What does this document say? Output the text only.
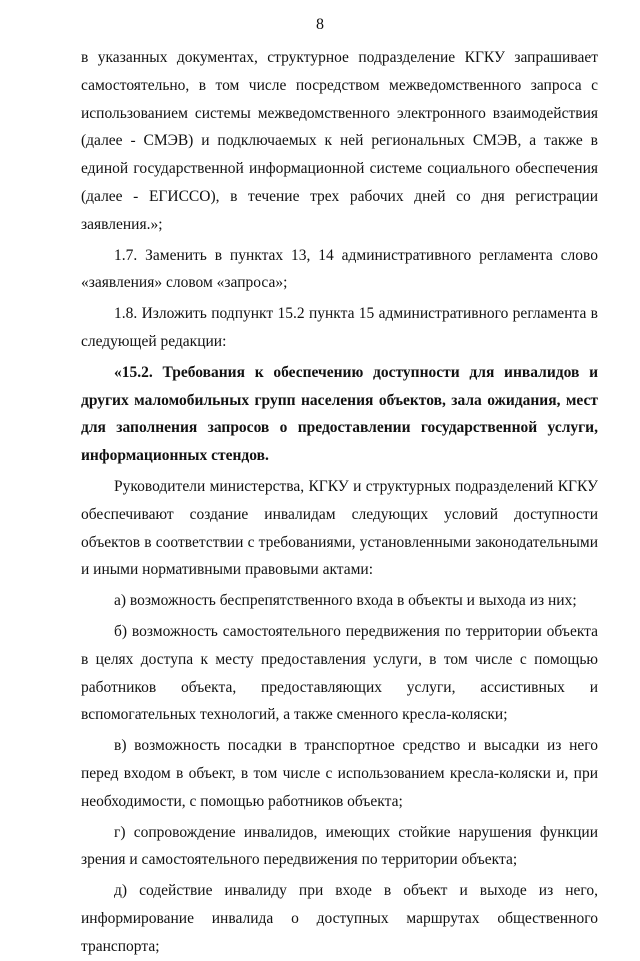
8

в указанных документах, структурное подразделение КГКУ запрашивает самостоятельно, в том числе посредством межведомственного запроса с использованием системы межведомственного электронного взаимодействия (далее - СМЭВ) и подключаемых к ней региональных СМЭВ, а также в единой государственной информационной системе социального обеспечения (далее - ЕГИССО), в течение трех рабочих дней со дня регистрации заявления.»;

1.7. Заменить в пунктах 13, 14 административного регламента слово «заявления» словом «запроса»;

1.8. Изложить подпункт 15.2 пункта 15 административного регламента в следующей редакции:

«15.2. Требования к обеспечению доступности для инвалидов и других маломобильных групп населения объектов, зала ожидания, мест для заполнения запросов о предоставлении государственной услуги, информационных стендов.

Руководители министерства, КГКУ и структурных подразделений КГКУ обеспечивают создание инвалидам следующих условий доступности объектов в соответствии с требованиями, установленными законодательными и иными нормативными правовыми актами:

а) возможность беспрепятственного входа в объекты и выхода из них;

б) возможность самостоятельного передвижения по территории объекта в целях доступа к месту предоставления услуги, в том числе с помощью работников объекта, предоставляющих услуги, ассистивных и вспомогательных технологий, а также сменного кресла-коляски;

в) возможность посадки в транспортное средство и высадки из него перед входом в объект, в том числе с использованием кресла-коляски и, при необходимости, с помощью работников объекта;

г) сопровождение инвалидов, имеющих стойкие нарушения функции зрения и самостоятельного передвижения по территории объекта;

д) содействие инвалиду при входе в объект и выходе из него, информирование инвалида о доступных маршрутах общественного транспорта;
